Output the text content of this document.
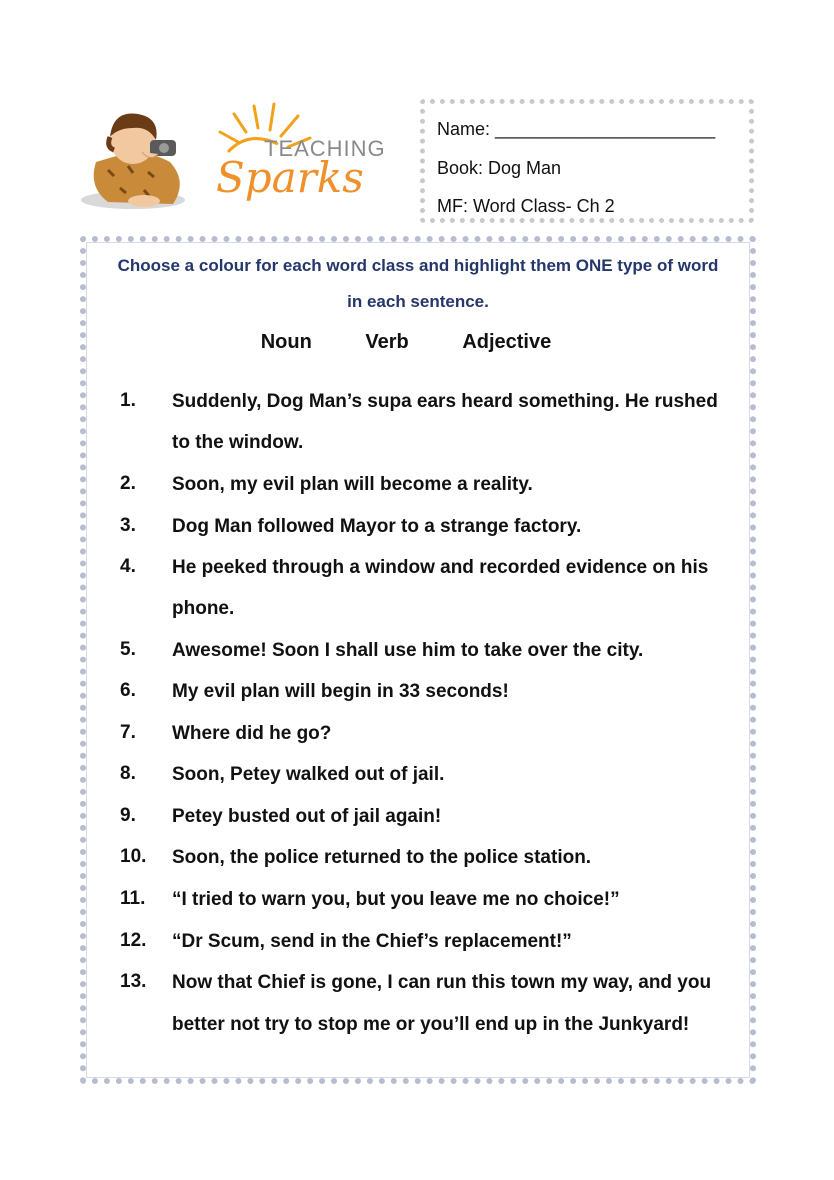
TEACHING
Sparks
Name: ______________________
Book: Dog Man
MF: Word Class- Ch 2
Choose a colour for each word class and highlight them ONE type of word
in each sentence.
Noun	Verb	Adjective
1. Suddenly, Dog Man’s supa ears heard something. He rushed
to the window.
2. Soon, my evil plan will become a reality.
3. Dog Man followed Mayor to a strange factory.
4. He peeked through a window and recorded evidence on his
phone.
5. Awesome! Soon I shall use him to take over the city.
6. My evil plan will begin in 33 seconds!
7. Where did he go?
8. Soon, Petey walked out of jail.
9. Petey busted out of jail again!
10. Soon, the police returned to the police station.
11. “I tried to warn you, but you leave me no choice!”
12. “Dr Scum, send in the Chief’s replacement!”
13. Now that Chief is gone, I can run this town my way, and you
better not try to stop me or you’ll end up in the Junkyard!
